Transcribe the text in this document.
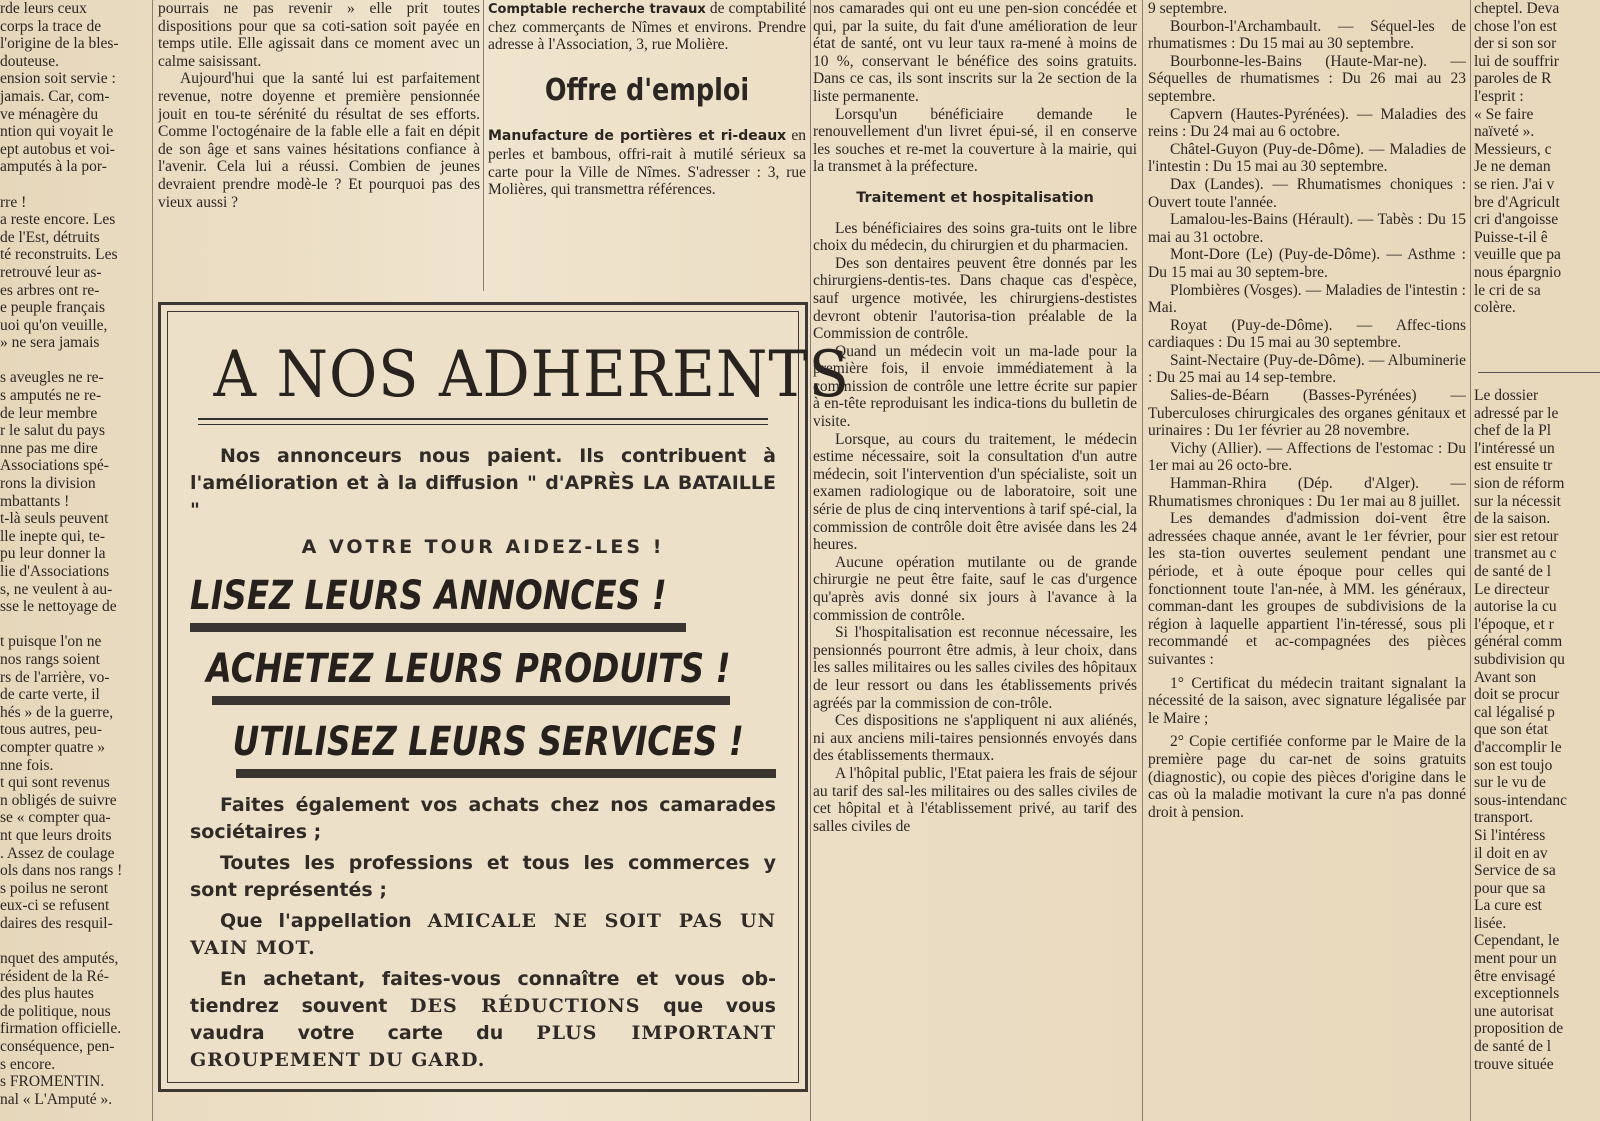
rde leurs ceux

corps la trace de

l'origine de la bles-

douteuse.

ension soit servie :

jamais. Car, com-

ve ménagère du

ntion qui voyait le

ept autobus et voi-

amputés à la por-

rre !

a reste encore. Les

de l'Est, détruits

té reconstruits. Les

retrouvé leur as-

es arbres ont re-

e peuple français

uoi qu'on veuille,

» ne sera jamais

s aveugles ne re-

s amputés ne re-

de leur membre

r le salut du pays

nne pas me dire

Associations spé-

rons la division

mbattants !

t-là seuls peuvent

lle inepte qui, te-

pu leur donner la

lie d'Associations

s, ne veulent à au-

sse le nettoyage de

t puisque l'on ne

nos rangs soient

rs de l'arrière, vo-

de carte verte, il

hés » de la guerre,

tous autres, peu-

compter quatre »

nne fois.

t qui sont revenus

n obligés de suivre

se « compter qua-

nt que leurs droits

. Assez de coulage

ols dans nos rangs !

s poilus ne seront

eux-ci se refusent

daires des resquil-

nquet des amputés,

résident de la Ré-

des plus hautes

de politique, nous

firmation officielle.

conséquence, pen-

s encore.

s FROMENTIN.

nal « L'Amputé ».

pourrais ne pas revenir » elle prit toutes dispositions pour que sa coti-sation soit payée en temps utile. Elle agissait dans ce moment avec un calme saisissant.

Aujourd'hui que la santé lui est parfaitement revenue, notre doyenne et première pensionnée jouit en tou-te sérénité du résultat de ses efforts. Comme l'octogénaire de la fable elle a fait en dépit de son âge et sans vaines hésitations confiance à l'avenir. Cela lui a réussi. Combien de jeunes devraient prendre modè-le ? Et pourquoi pas des vieux aussi ?

Comptable recherche travaux de comptabilité chez commerçants de Nîmes et environs. Prendre adresse à l'Association, 3, rue Molière.

Offre d'emploi

Manufacture de portières et ri-deaux en perles et bambous, offri-rait à mutilé sérieux sa carte pour la Ville de Nîmes. S'adresser : 3, rue Molières, qui transmettra références.

A NOS ADHERENTS
Nos annonceurs nous paient. Ils contribuent à l'amélioration et à la diffusion " d'APRÈS LA BATAILLE "
A VOTRE TOUR AIDEZ-LES !
LISEZ LEURS ANNONCES !
ACHETEZ LEURS PRODUITS !
UTILISEZ LEURS SERVICES !

Faites également vos achats chez nos camarades sociétaires ;

Toutes les professions et tous les commerces y sont représentés ;

Que l'appellation AMICALE NE SOIT PAS UN VAIN MOT.

En achetant, faites-vous connaître et vous ob-tiendrez souvent DES RÉDUCTIONS que vous vaudra votre carte du PLUS IMPORTANT GROUPEMENT DU GARD.

nos camarades qui ont eu une pen-sion concédée et qui, par la suite, du fait d'une amélioration de leur état de santé, ont vu leur taux ra-mené à moins de 10 %, conservant le bénéfice des soins gratuits. Dans ce cas, ils sont inscrits sur la 2e section de la liste permanente.

Lorsqu'un bénéficiaire demande le renouvellement d'un livret épui-sé, il en conserve les souches et re-met la couverture à la mairie, qui la transmet à la préfecture.

Traitement et hospitalisation

Les bénéficiaires des soins gra-tuits ont le libre choix du médecin, du chirurgien et du pharmacien.

Des son dentaires peuvent être donnés par les chirurgiens-dentis-tes. Dans chaque cas d'espèce, sauf urgence motivée, les chirurgiens-destistes devront obtenir l'autorisa-tion préalable de la Commission de contrôle.

Quand un médecin voit un ma-lade pour la première fois, il envoie immédiatement à la commission de contrôle une lettre écrite sur papier à en-tête reproduisant les indica-tions du bulletin de visite.

Lorsque, au cours du traitement, le médecin estime nécessaire, soit la consultation d'un autre médecin, soit l'intervention d'un spécialiste, soit un examen radiologique ou de laboratoire, soit une série de plus de cinq interventions à tarif spé-cial, la commission de contrôle doit être avisée dans les 24 heures.

Aucune opération mutilante ou de grande chirurgie ne peut être faite, sauf le cas d'urgence qu'après avis donné six jours à l'avance à la commission de contrôle.

Si l'hospitalisation est reconnue nécessaire, les pensionnés pourront être admis, à leur choix, dans les salles militaires ou les salles civiles des hôpitaux de leur ressort ou dans les établissements privés agréés par la commission de con-trôle.

Ces dispositions ne s'appliquent ni aux aliénés, ni aux anciens mili-taires pensionnés envoyés dans des établissements thermaux.

A l'hôpital public, l'Etat paiera les frais de séjour au tarif des sal-les militaires ou des salles civiles de cet hôpital et à l'établissement privé, au tarif des salles civiles de

9 septembre.

Bourbon-l'Archambault. — Séquel-les de rhumatismes : Du 15 mai au 30 septembre.

Bourbonne-les-Bains (Haute-Mar-ne). — Séquelles de rhumatismes : Du 26 mai au 23 septembre.

Capvern (Hautes-Pyrénées). — Maladies des reins : Du 24 mai au 6 octobre.

Châtel-Guyon (Puy-de-Dôme). — Maladies de l'intestin : Du 15 mai au 30 septembre.

Dax (Landes). — Rhumatismes choniques : Ouvert toute l'année.

Lamalou-les-Bains (Hérault). — Tabès : Du 15 mai au 31 octobre.

Mont-Dore (Le) (Puy-de-Dôme). — Asthme : Du 15 mai au 30 septem-bre.

Plombières (Vosges). — Maladies de l'intestin : Mai.

Royat (Puy-de-Dôme). — Affec-tions cardiaques : Du 15 mai au 30 septembre.

Saint-Nectaire (Puy-de-Dôme). — Albuminerie : Du 25 mai au 14 sep-tembre.

Salies-de-Béarn (Basses-Pyrénées) — Tuberculoses chirurgicales des organes génitaux et urinaires : Du 1er février au 28 novembre.

Vichy (Allier). — Affections de l'estomac : Du 1er mai au 26 octo-bre.

Hamman-Rhira (Dép. d'Alger). — Rhumatismes chroniques : Du 1er mai au 8 juillet.

Les demandes d'admission doi-vent être adressées chaque année, avant le 1er février, pour les sta-tion ouvertes seulement pendant une période, et à oute époque pour celles qui fonctionnent toute l'an-née, à MM. les généraux, comman-dant les groupes de subdivisions de la région à laquelle appartient l'in-téressé, sous pli recommandé et ac-compagnées des pièces suivantes :

1° Certificat du médecin traitant signalant la nécessité de la saison, avec signature légalisée par le Maire ;

2° Copie certifiée conforme par le Maire de la première page du car-net de soins gratuits (diagnostic), ou copie des pièces d'origine dans le cas où la maladie motivant la cure n'a pas donné droit à pension.

cheptel. Deva

chose l'on est

der si son sor

lui de souffrir

paroles de R

l'esprit :

« Se faire

naïveté ».

Messieurs, c

Je ne deman

se rien. J'ai v

bre d'Agricult

cri d'angoisse

Puisse-t-il ê

veuille que pa

nous épargnio

le cri de sa

colère.

Le dossier

adressé par le

chef de la Pl

l'intéressé un

est ensuite tr

sion de réform

sur la nécessit

de la saison.

sier est retour

transmet au c

de santé de l

Le directeur

autorise la cu

l'époque, et r

général comm

subdivision qu

Avant son

doit se procur

cal légalisé p

que son état

d'accomplir le

son est toujo

sur le vu de

sous-intendanc

transport.

Si l'intéress

il doit en av

Service de sa

pour que sa

La cure est

lisée.

Cependant, le

ment pour un

être envisagé

exceptionnels

une autorisat

proposition de

de santé de l

trouve située
